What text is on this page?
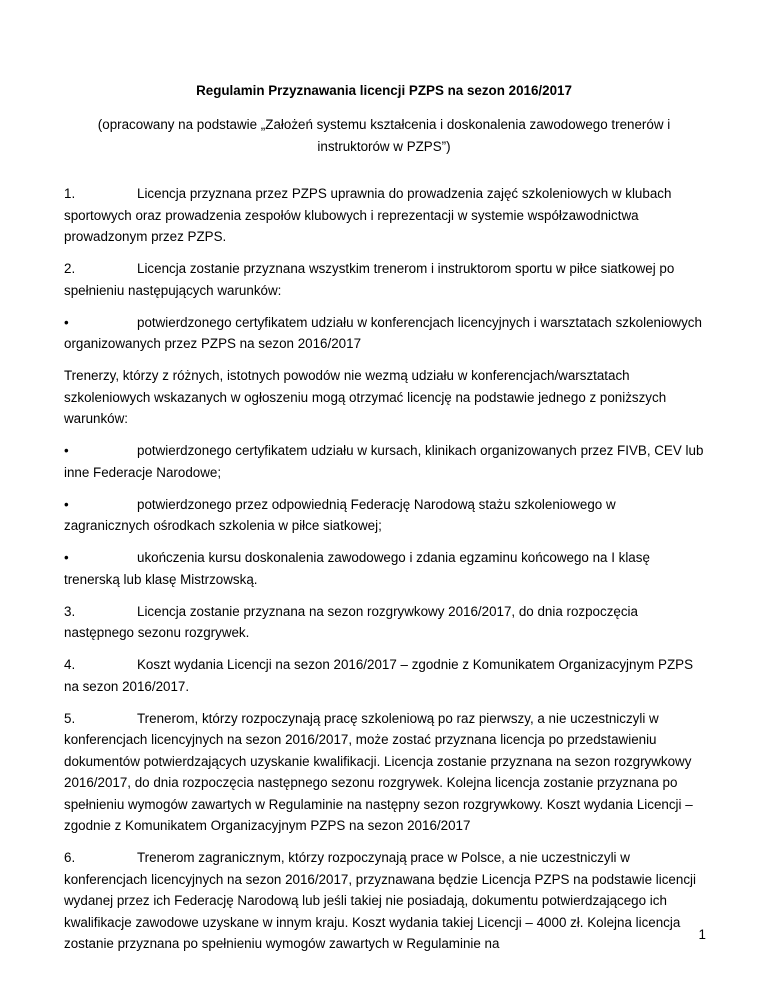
Regulamin Przyznawania licencji PZPS na sezon 2016/2017
(opracowany na podstawie „Założeń systemu kształcenia i doskonalenia zawodowego trenerów i instruktorów w PZPS”)

1.	Licencja przyznana przez PZPS uprawnia do prowadzenia zajęć szkoleniowych w klubach sportowych oraz prowadzenia zespołów klubowych i reprezentacji w systemie współzawodnictwa prowadzonym przez PZPS.

2.	Licencja zostanie przyznana wszystkim trenerom i instruktorom sportu w piłce siatkowej po spełnieniu następujących warunków:

•	potwierdzonego certyfikatem udziału w konferencjach licencyjnych i warsztatach szkoleniowych organizowanych przez PZPS na sezon 2016/2017

Trenerzy, którzy z różnych, istotnych powodów nie wezmą udziału w konferencjach/warsztatach szkoleniowych wskazanych w ogłoszeniu mogą otrzymać licencję na podstawie jednego z poniższych warunków:

•	potwierdzonego certyfikatem udziału w kursach, klinikach organizowanych przez FIVB, CEV lub inne Federacje Narodowe;

•	potwierdzonego przez odpowiednią Federację Narodową stażu szkoleniowego w zagranicznych ośrodkach szkolenia w piłce siatkowej;

•	ukończenia kursu doskonalenia zawodowego i zdania egzaminu końcowego na I klasę trenerską lub klasę Mistrzowską.

3.	Licencja zostanie przyznana na sezon rozgrywkowy 2016/2017, do dnia rozpoczęcia następnego sezonu rozgrywek.

4.	Koszt wydania Licencji na sezon 2016/2017 – zgodnie z Komunikatem Organizacyjnym PZPS na sezon 2016/2017.

5.	Trenerom, którzy rozpoczynają pracę szkoleniową po raz pierwszy, a nie uczestniczyli w konferencjach licencyjnych na sezon 2016/2017, może zostać przyznana licencja po przedstawieniu dokumentów potwierdzających uzyskanie kwalifikacji. Licencja zostanie przyznana na sezon rozgrywkowy 2016/2017, do dnia rozpoczęcia następnego sezonu rozgrywek. Kolejna licencja zostanie przyznana po spełnieniu wymogów zawartych w Regulaminie na następny sezon rozgrywkowy. Koszt wydania Licencji – zgodnie z Komunikatem Organizacyjnym PZPS na sezon 2016/2017

6.	Trenerom zagranicznym, którzy rozpoczynają prace w Polsce, a nie uczestniczyli w konferencjach licencyjnych na sezon 2016/2017, przyznawana będzie Licencja PZPS na podstawie licencji wydanej przez ich Federację Narodową lub jeśli takiej nie posiadają, dokumentu potwierdzającego ich kwalifikacje zawodowe uzyskane w innym kraju. Koszt wydania takiej Licencji – 4000 zł. Kolejna licencja zostanie przyznana po spełnieniu wymogów zawartych w Regulaminie na

1
